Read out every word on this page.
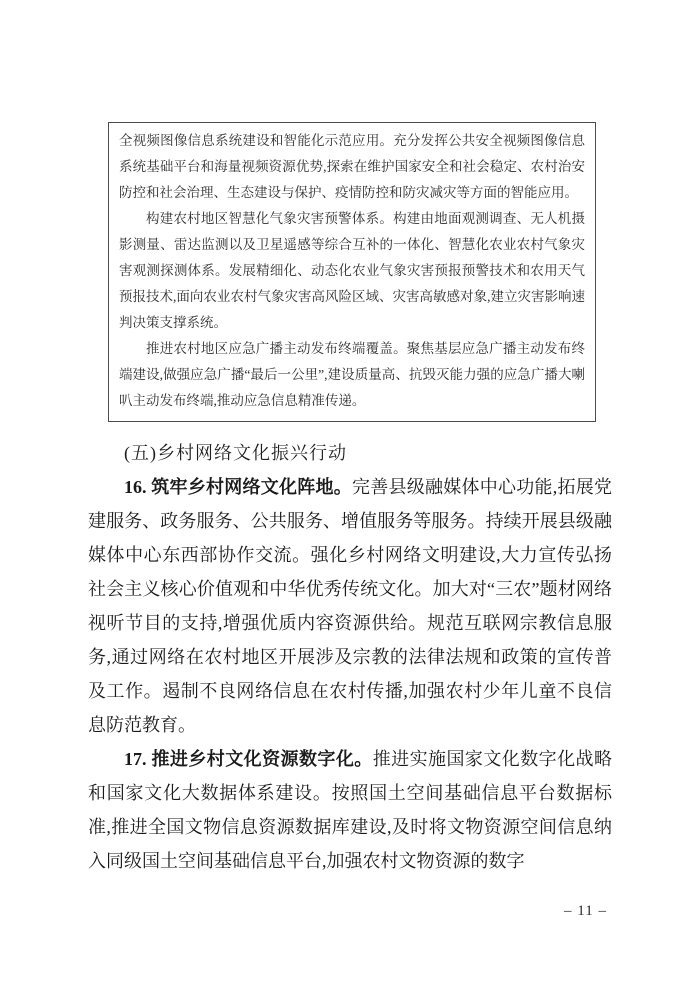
全视频图像信息系统建设和智能化示范应用。充分发挥公共安全视频图像信息系统基础平台和海量视频资源优势,探索在维护国家安全和社会稳定、农村治安防控和社会治理、生态建设与保护、疫情防控和防灾减灾等方面的智能应用。

构建农村地区智慧化气象灾害预警体系。构建由地面观测调查、无人机摄影测量、雷达监测以及卫星遥感等综合互补的一体化、智慧化农业农村气象灾害观测探测体系。发展精细化、动态化农业气象灾害预报预警技术和农用天气预报技术,面向农业农村气象灾害高风险区域、灾害高敏感对象,建立灾害影响速判决策支撑系统。

推进农村地区应急广播主动发布终端覆盖。聚焦基层应急广播主动发布终端建设,做强应急广播“最后一公里”,建设质量高、抗毁灭能力强的应急广播大喇叭主动发布终端,推动应急信息精准传递。

(五)乡村网络文化振兴行动

16. 筑牢乡村网络文化阵地。完善县级融媒体中心功能,拓展党建服务、政务服务、公共服务、增值服务等服务。持续开展县级融媒体中心东西部协作交流。强化乡村网络文明建设,大力宣传弘扬社会主义核心价值观和中华优秀传统文化。加大对“三农”题材网络视听节目的支持,增强优质内容资源供给。规范互联网宗教信息服务,通过网络在农村地区开展涉及宗教的法律法规和政策的宣传普及工作。遏制不良网络信息在农村传播,加强农村少年儿童不良信息防范教育。

17. 推进乡村文化资源数字化。推进实施国家文化数字化战略和国家文化大数据体系建设。按照国土空间基础信息平台数据标准,推进全国文物信息资源数据库建设,及时将文物资源空间信息纳入同级国土空间基础信息平台,加强农村文物资源的数字

– 11 –
